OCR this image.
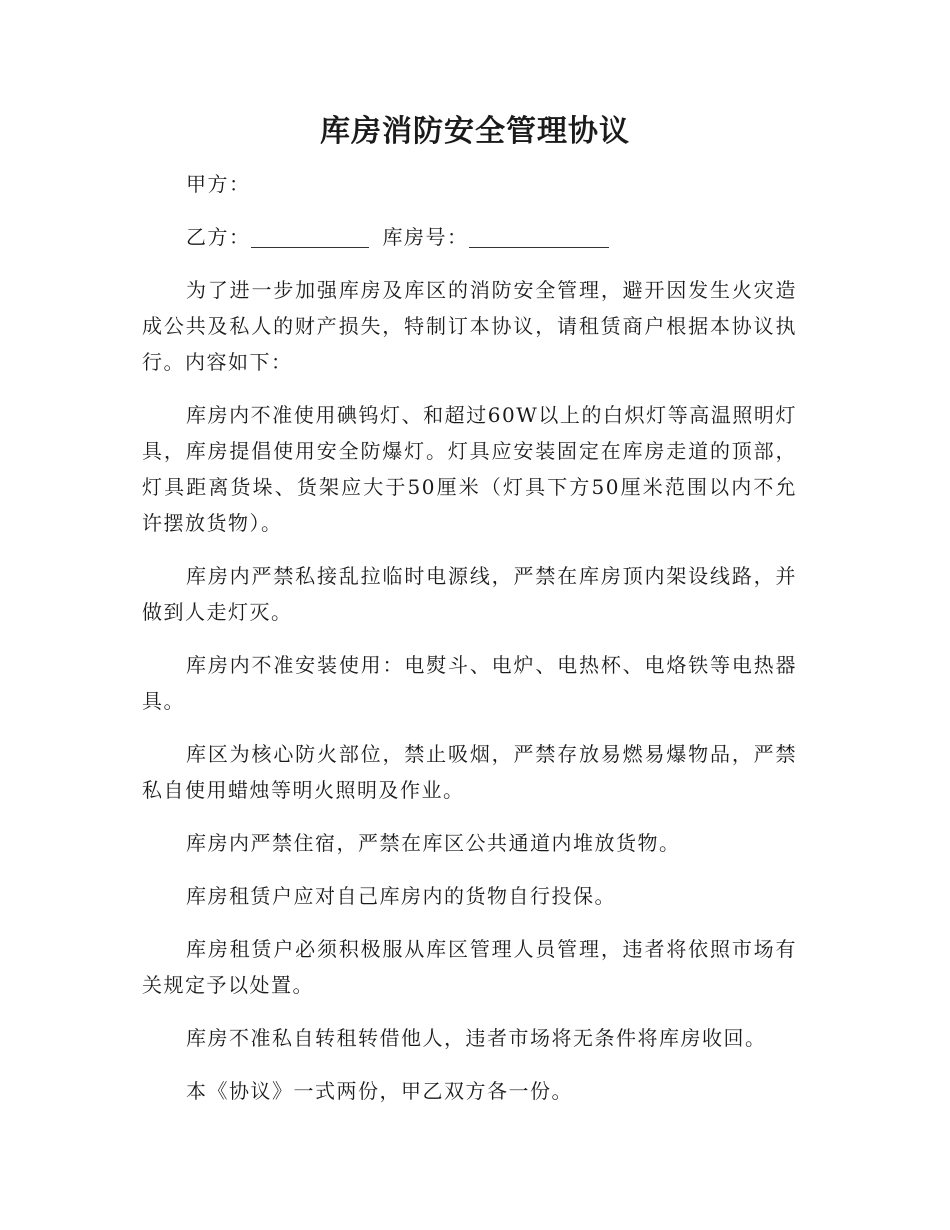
库房消防安全管理协议
甲方：
乙方：	库房号：

为了进一步加强库房及库区的消防安全管理，避开因发生火灾造成公共及私人的财产损失，特制订本协议，请租赁商户根据本协议执行。内容如下：

库房内不准使用碘钨灯、和超过60W以上的白炽灯等高温照明灯具，库房提倡使用安全防爆灯。灯具应安装固定在库房走道的顶部，灯具距离货垛、货架应大于50厘米（灯具下方50厘米范围以内不允许摆放货物）。

库房内严禁私接乱拉临时电源线，严禁在库房顶内架设线路，并做到人走灯灭。

库房内不准安装使用：电熨斗、电炉、电热杯、电烙铁等电热器具。

库区为核心防火部位，禁止吸烟，严禁存放易燃易爆物品，严禁私自使用蜡烛等明火照明及作业。

库房内严禁住宿，严禁在库区公共通道内堆放货物。

库房租赁户应对自己库房内的货物自行投保。

库房租赁户必须积极服从库区管理人员管理，违者将依照市场有关规定予以处置。

库房不准私自转租转借他人，违者市场将无条件将库房收回。

本《协议》一式两份，甲乙双方各一份。
